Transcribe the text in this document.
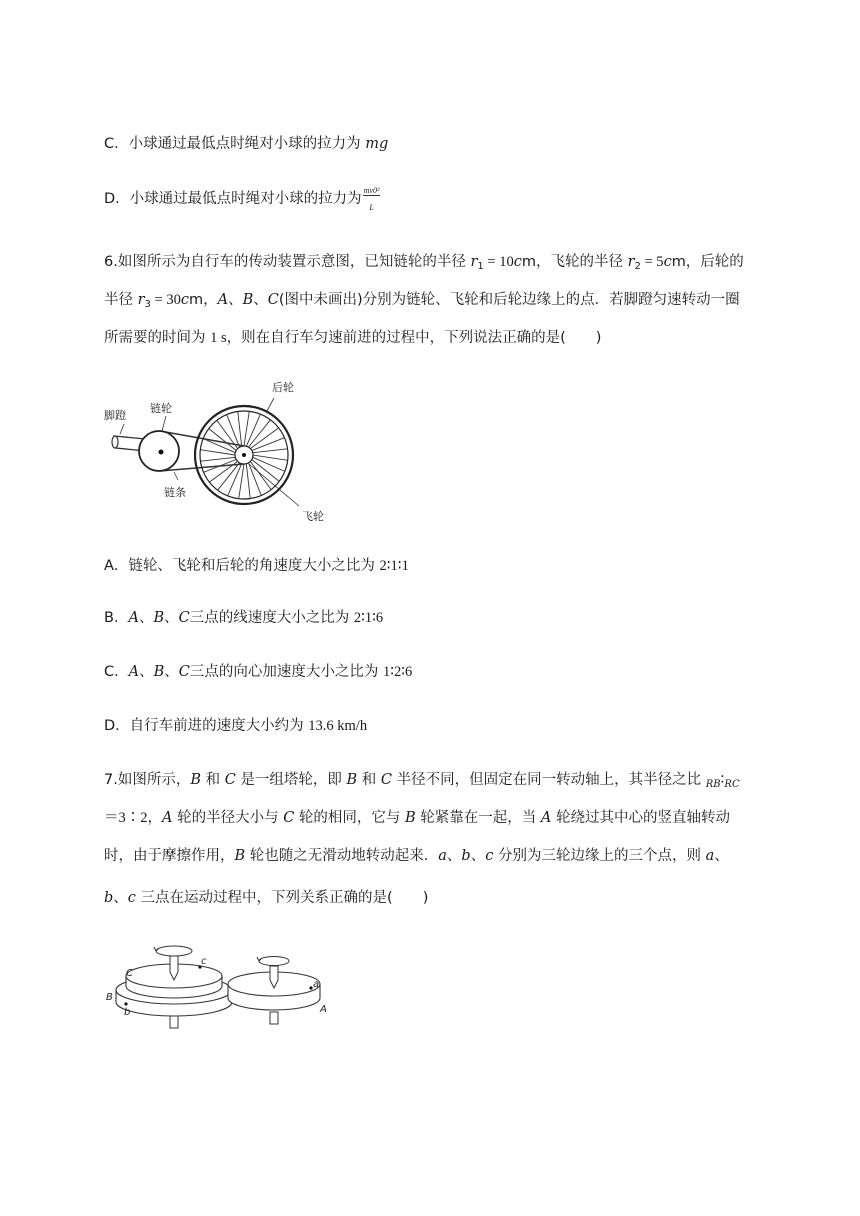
C．小球通过最低点时绳对小球的拉力为 mg
D．小球通过最低点时绳对小球的拉力为 $\frac{\text{mv0²}}{L}$
6.如图所示为自行车的传动装置示意图，已知链轮的半径 $r_1 = 10cm$，飞轮的半径 $r_2 = 5cm$，后轮的
半径 $r_3 = 30cm$，A、B、C(图中未画出)分别为链轮、飞轮和后轮边缘上的点．若脚蹬匀速转动一圈
所需要的时间为 1 s，则在自行车匀速前进的过程中，下列说法正确的是( )
脚蹬
链轮
链条
后轮
飞轮
A．链轮、飞轮和后轮的角速度大小之比为 2∶1∶1
B．A、B、C三点的线速度大小之比为 2∶1∶6
C．A、B、C三点的向心加速度大小之比为 1∶2∶6
D．自行车前进的速度大小约为 13.6 km/h
7.如图所示，B 和 C 是一组塔轮，即 B 和 C 半径不同，但固定在同一转动轴上，其半径之比 $_{RB}∶_{RC}$
＝3∶2，A 轮的半径大小与 C 轮的相同，它与 B 轮紧靠在一起，当 A 轮绕过其中心的竖直轴转动
时，由于摩擦作用，B 轮也随之无滑动地转动起来．a、b、c 分别为三轮边缘上的三个点，则 a、
b、c 三点在运动过程中，下列关系正确的是( )
C
B
b
c
a
A
